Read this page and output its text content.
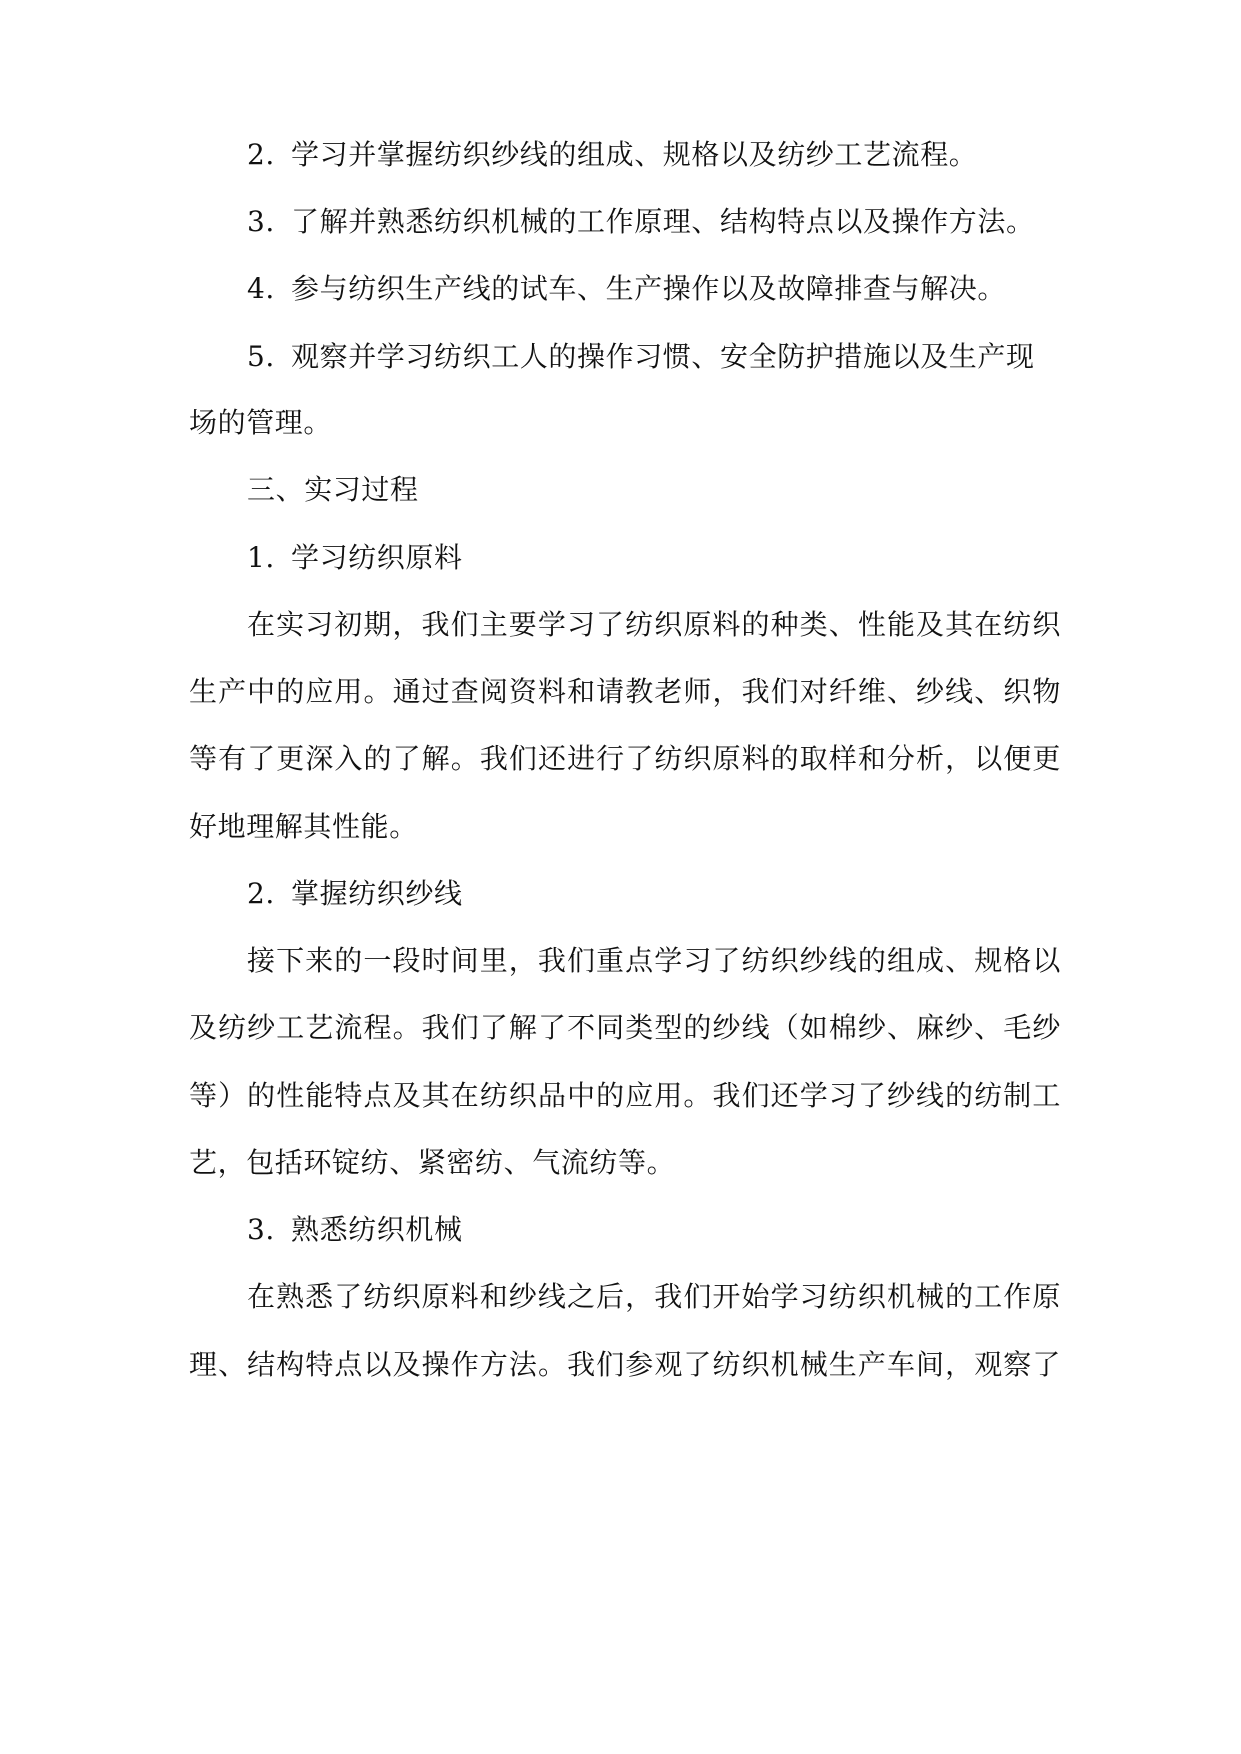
2. 学习并掌握纺织纱线的组成、规格以及纺纱工艺流程。
3. 了解并熟悉纺织机械的工作原理、结构特点以及操作方法。
4. 参与纺织生产线的试车、生产操作以及故障排查与解决。
5. 观察并学习纺织工人的操作习惯、安全防护措施以及生产现
场的管理。
三、实习过程
1. 学习纺织原料
在实习初期，我们主要学习了纺织原料的种类、性能及其在纺织
生产中的应用。通过查阅资料和请教老师，我们对纤维、纱线、织物
等有了更深入的了解。我们还进行了纺织原料的取样和分析，以便更
好地理解其性能。
2. 掌握纺织纱线
接下来的一段时间里，我们重点学习了纺织纱线的组成、规格以
及纺纱工艺流程。我们了解了不同类型的纱线（如棉纱、麻纱、毛纱
等）的性能特点及其在纺织品中的应用。我们还学习了纱线的纺制工
艺，包括环锭纺、紧密纺、气流纺等。
3. 熟悉纺织机械
在熟悉了纺织原料和纱线之后，我们开始学习纺织机械的工作原
理、结构特点以及操作方法。我们参观了纺织机械生产车间，观察了
